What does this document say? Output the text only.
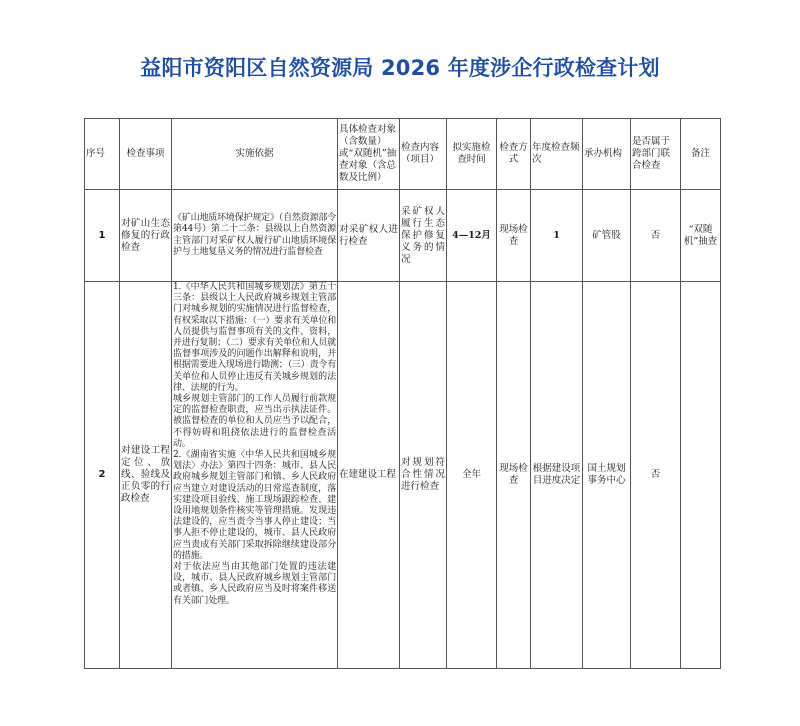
益阳市资阳区自然资源局 2026 年度涉企行政检查计划
序号	检查事项	实施依据	具体检查对象（含数量）或“双随机”抽查对象（含总数及比例）	检查内容（项目）	拟实施检查时间	检查方式	年度检查频次	承办机构	是否属于跨部门联合检查	备注
1	对矿山生态修复的行政检查	《矿山地质环境保护规定》（自然资源部令第44号）第二十二条：县级以上自然资源主管部门对采矿权人履行矿山地质环境保护与土地复垦义务的情况进行监督检查	对采矿权人进行检查	采矿权人履行生态保护修复义务的情况	4—12月	现场检查	1	矿管股	否	“双随机”抽查
2	对建设工程定位、放线、验线及正负零的行政检查	1.《中华人民共和国城乡规划法》第五十三条：县级以上人民政府城乡规划主管部门对城乡规划的实施情况进行监督检查，有权采取以下措施：（一）要求有关单位和人员提供与监督事项有关的文件、资料，并进行复制；（二）要求有关单位和人员就监督事项涉及的问题作出解释和说明，并根据需要进入现场进行勘测；（三）责令有关单位和人员停止违反有关城乡规划的法律、法规的行为。
城乡规划主管部门的工作人员履行前款规定的监督检查职责，应当出示执法证件。被监督检查的单位和人员应当予以配合，不得妨碍和阻挠依法进行的监督检查活动。
2.《湖南省实施〈中华人民共和国城乡规划法〉办法》第四十四条：城市、县人民政府城乡规划主管部门和镇、乡人民政府应当建立对建设活动的日常巡查制度，落实建设项目验线、施工现场跟踪检查、建设用地规划条件核实等管理措施。发现违法建设的，应当责令当事人停止建设；当事人拒不停止建设的，城市、县人民政府应当责成有关部门采取拆除继续建设部分的措施。
对于依法应当由其他部门处置的违法建设，城市、县人民政府城乡规划主管部门或者镇、乡人民政府应当及时将案件移送有关部门处理。	在建建设工程	对规划符合性情况进行检查	全年	现场检查	根据建设项目进度决定	国土规划事务中心	否	
